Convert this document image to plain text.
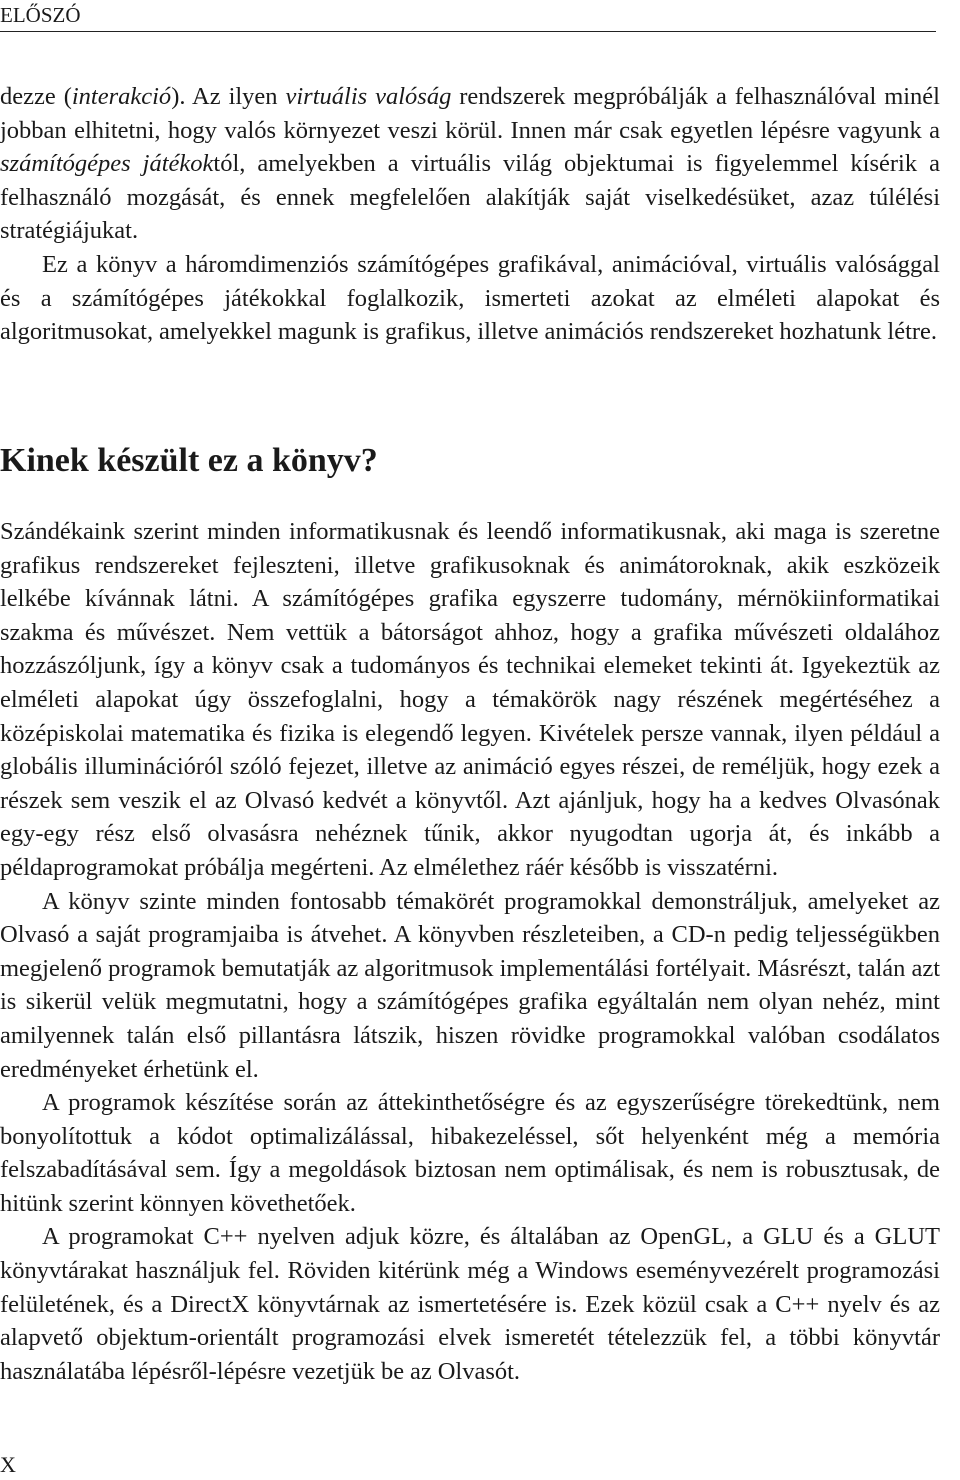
ELŐSZÓ

dezze (interakció). Az ilyen virtuális valóság rendszerek megpróbálják a felhasználóval minél jobban elhitetni, hogy valós környezet veszi körül. Innen már csak egyetlen lépésre vagyunk a számítógépes játékoktól, amelyekben a virtuális világ objektumai is figyelemmel kísérik a felhasználó mozgását, és ennek megfelelően alakítják saját viselkedésüket, azaz túlélési stratégiájukat.

Ez a könyv a háromdimenziós számítógépes grafikával, animációval, virtuális valósággal és a számítógépes játékokkal foglalkozik, ismerteti azokat az elméleti alapokat és algoritmusokat, amelyekkel magunk is grafikus, illetve animációs rendszereket hozhatunk létre.

Kinek készült ez a könyv?

Szándékaink szerint minden informatikusnak és leendő informatikusnak, aki maga is szeretne grafikus rendszereket fejleszteni, illetve grafikusoknak és animátoroknak, akik eszközeik lelkébe kívánnak látni. A számítógépes grafika egyszerre tudomány, mérnökiinformatikai szakma és művészet. Nem vettük a bátorságot ahhoz, hogy a grafika művészeti oldalához hozzászóljunk, így a könyv csak a tudományos és technikai elemeket tekinti át. Igyekeztük az elméleti alapokat úgy összefoglalni, hogy a témakörök nagy részének megértéséhez a középiskolai matematika és fizika is elegendő legyen. Kivételek persze vannak, ilyen például a globális illuminációról szóló fejezet, illetve az animáció egyes részei, de reméljük, hogy ezek a részek sem veszik el az Olvasó kedvét a könyvtől. Azt ajánljuk, hogy ha a kedves Olvasónak egy-egy rész első olvasásra nehéznek tűnik, akkor nyugodtan ugorja át, és inkább a példaprogramokat próbálja megérteni. Az elmélethez ráér később is visszatérni.

A könyv szinte minden fontosabb témakörét programokkal demonstráljuk, amelyeket az Olvasó a saját programjaiba is átvehet. A könyvben részleteiben, a CD-n pedig teljességükben megjelenő programok bemutatják az algoritmusok implementálási fortélyait. Másrészt, talán azt is sikerül velük megmutatni, hogy a számítógépes grafika egyáltalán nem olyan nehéz, mint amilyennek talán első pillantásra látszik, hiszen rövidke programokkal valóban csodálatos eredményeket érhetünk el.

A programok készítése során az áttekinthetőségre és az egyszerűségre törekedtünk, nem bonyolítottuk a kódot optimalizálással, hibakezeléssel, sőt helyenként még a memória felszabadításával sem. Így a megoldások biztosan nem optimálisak, és nem is robusztusak, de hitünk szerint könnyen követhetőek.

A programokat C++ nyelven adjuk közre, és általában az OpenGL, a GLU és a GLUT könyvtárakat használjuk fel. Röviden kitérünk még a Windows eseményvezérelt programozási felületének, és a DirectX könyvtárnak az ismertetésére is. Ezek közül csak a C++ nyelv és az alapvető objektum-orientált programozási elvek ismeretét tételezzük fel, a többi könyvtár használatába lépésről-lépésre vezetjük be az Olvasót.

X
